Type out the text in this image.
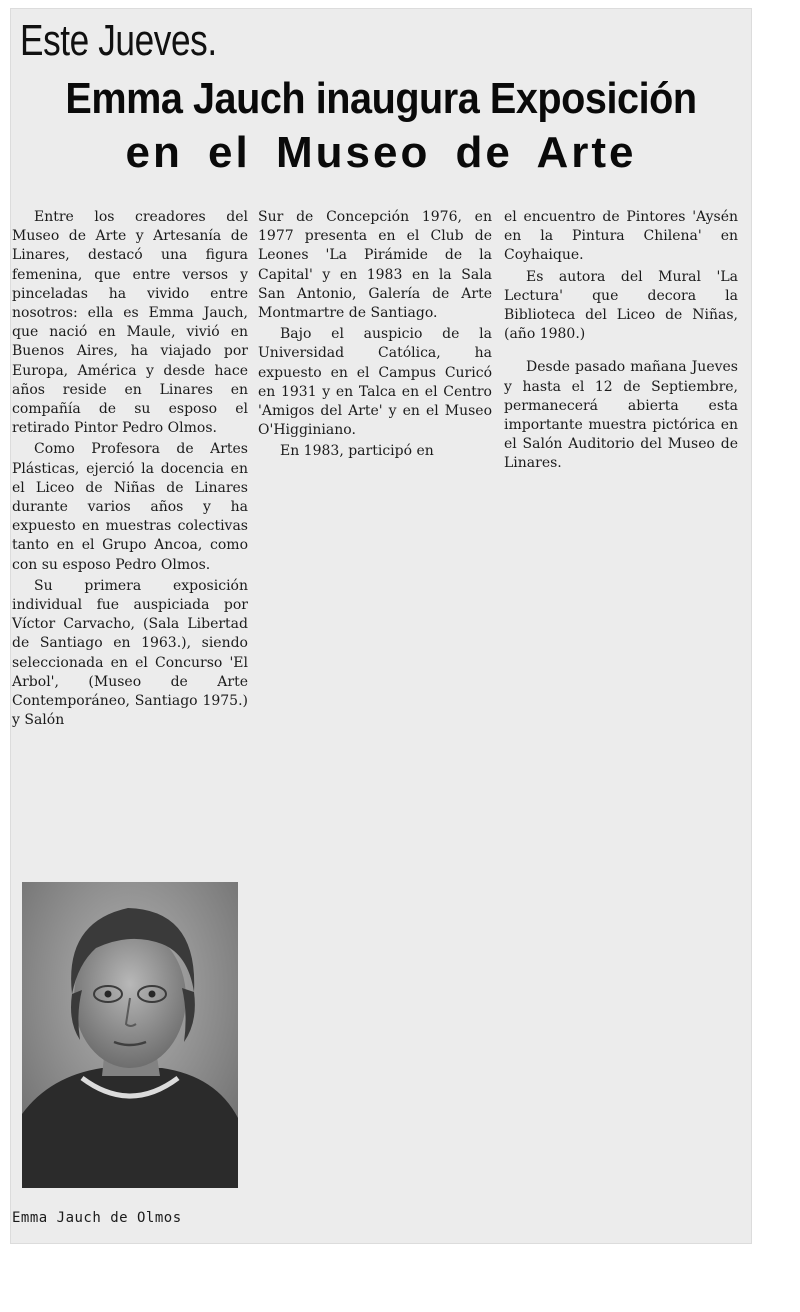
Este Jueves.
Emma Jauch inaugura Exposición
en el Museo de Arte

Entre los creadores del Museo de Arte y Artesanía de Linares, destacó una figura femenina, que entre versos y pinceladas ha vivido entre nosotros: ella es Emma Jauch, que nació en Maule, vivió en Buenos Aires, ha viajado por Europa, América y desde hace años reside en Linares en compañía de su esposo el retirado Pintor Pedro Olmos.

Como Profesora de Artes Plásticas, ejerció la docencia en el Liceo de Niñas de Linares durante varios años y ha expuesto en muestras colectivas tanto en el Grupo Ancoa, como con su esposo Pedro Olmos.

Su primera exposición individual fue auspiciada por Víctor Carvacho, (Sala Libertad de Santiago en 1963.), siendo seleccionada en el Concurso 'El Arbol', (Museo de Arte Contemporáneo, Santiago 1975.) y Salón

Sur de Concepción 1976, en 1977 presenta en el Club de Leones 'La Pirámide de la Capital' y en 1983 en la Sala San Antonio, Galería de Arte Montmartre de Santiago.

Bajo el auspicio de la Universidad Católica, ha expuesto en el Campus Curicó en 1931 y en Talca en el Centro 'Amigos del Arte' y en el Museo O'Higginiano.

En 1983, participó en

el encuentro de Pintores 'Aysén en la Pintura Chilena' en Coyhaique.

Es autora del Mural 'La Lectura' que decora la Biblioteca del Liceo de Niñas, (año 1980.)

Desde pasado mañana Jueves y hasta el 12 de Septiembre, permanecerá abierta esta importante muestra pictórica en el Salón Auditorio del Museo de Linares.

Emma Jauch de Olmos
